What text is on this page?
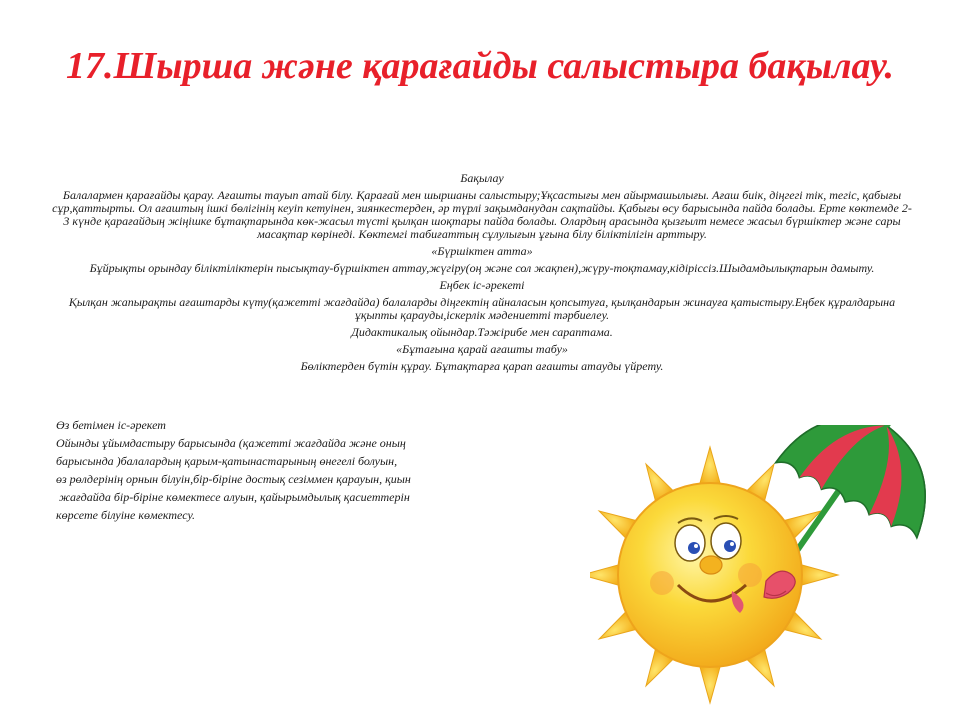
17.Шырша және қарағайды салыстыра бақылау.

Бақылау

Балалармен қарағайды қарау. Ағашты тауып атай білу. Қарағай мен шыршаны салыстыру;Ұқсастығы мен айырмашылығы. Ағаш биік, діңгегі тік, тегіс, қабығы сұр,қаттырты. Ол ағаштың ішкі бөлігінің кеуіп кетуінен, зиянкестерден, әр түрлі зақымданудан сақтайды. Қабығы өсу барысында пайда болады. Ерте көктемде 2-3 күнде қарағайдың жіңішке бұтақтарында көк-жасыл түсті қылқан шоқтары пайда болады. Олардың арасында қызғылт немесе жасыл бүршіктер және сары масақтар көрінеді. Көктемгі табиғаттың сұлулығын ұғына білу біліктілігін арттыру.

«Бүршіктен атта»

Бұйрықты орындау біліктіліктерін пысықтау-бүршіктен аттау,жүгіру(оң және сол жақпен),жүру-тоқтамау,кідіріссіз.Шыдамдылықтарын дамыту.

Еңбек іс-әрекеті

Қылқан жапырақты ағаштарды күту(қажетті жағдайда) балаларды діңгектің айналасын қопсытуға, қылқандарын жинауға қатыстыру.Еңбек құралдарына ұқыпты қарауды,іскерлік мәдениетті тәрбиелеу.

Дидактикалық ойындар.Тәжірибе мен сараптама.

«Бұтағына қарай ағашты табу»

Бөліктерден бүтін құрау. Бұтақтарға қарап ағашты атауды үйрету.

Өз бетімен іс-әрекет
Ойынды ұйымдастыру барысында (қажетті жағдайда және оның
барысында )балалардың қарым-қатынастарының өнегелі болуын,
өз рөлдерінің орнын білуін,бір-біріне достық сезіммен қарауын, қиын
жағдайда бір-біріне көмектесе алуын, қайырымдылық қасиеттерін
көрсете білуіне көмектесу.
